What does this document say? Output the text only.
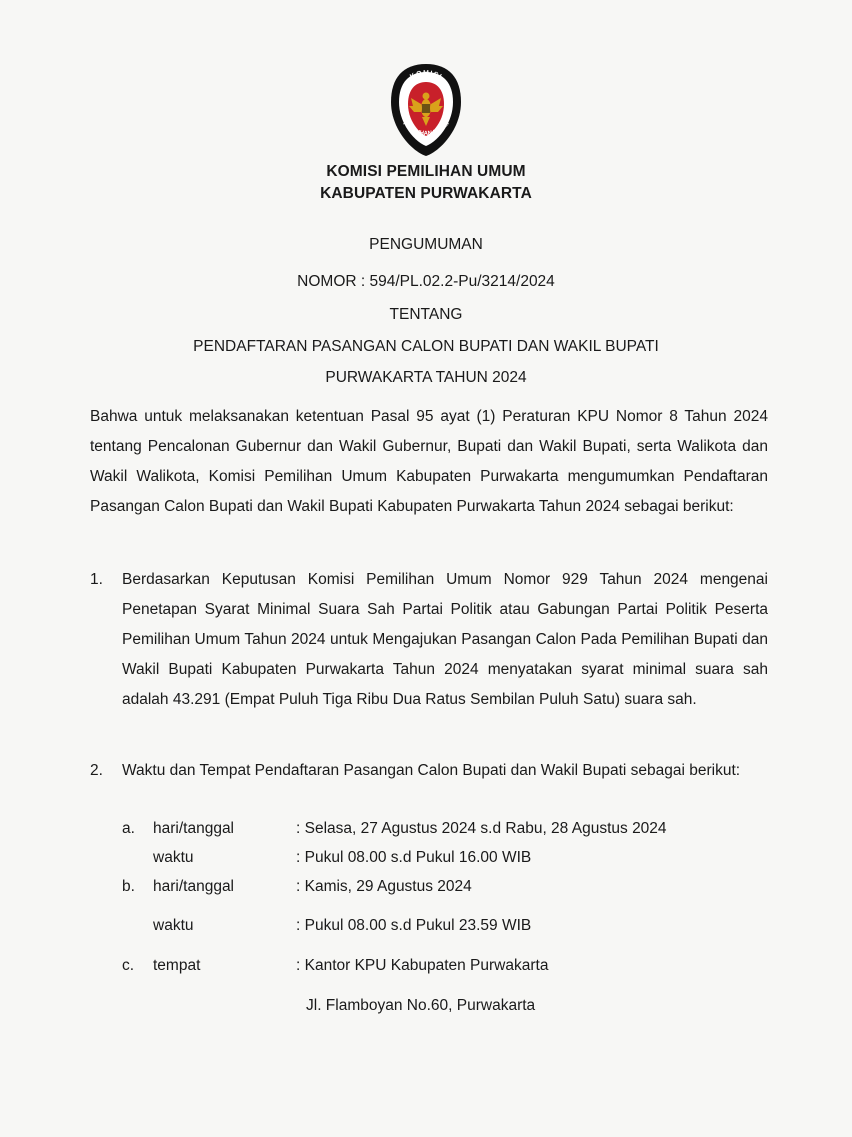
KOMISI
PEMILIHAN UMUM
KOMISI PEMILIHAN UMUM
KABUPATEN PURWAKARTA
PENGUMUMAN
NOMOR : 594/PL.02.2-Pu/3214/2024
TENTANG
PENDAFTARAN PASANGAN CALON BUPATI DAN WAKIL BUPATI
PURWAKARTA TAHUN 2024
Bahwa untuk melaksanakan ketentuan Pasal 95 ayat (1) Peraturan KPU Nomor 8 Tahun 2024 tentang Pencalonan Gubernur dan Wakil Gubernur, Bupati dan Wakil Bupati, serta Walikota dan Wakil Walikota, Komisi Pemilihan Umum Kabupaten Purwakarta mengumumkan Pendaftaran Pasangan Calon Bupati dan Wakil Bupati Kabupaten Purwakarta Tahun 2024 sebagai berikut:
1.	Berdasarkan Keputusan Komisi Pemilihan Umum Nomor 929 Tahun 2024 mengenai Penetapan Syarat Minimal Suara Sah Partai Politik atau Gabungan Partai Politik Peserta Pemilihan Umum Tahun 2024 untuk Mengajukan Pasangan Calon Pada Pemilihan Bupati dan Wakil Bupati Kabupaten Purwakarta Tahun 2024 menyatakan syarat minimal suara sah adalah 43.291 (Empat Puluh Tiga Ribu Dua Ratus Sembilan Puluh Satu) suara sah.
2.	Waktu dan Tempat Pendaftaran Pasangan Calon Bupati dan Wakil Bupati sebagai berikut:
a. hari/tanggal	: Selasa, 27 Agustus 2024 s.d Rabu, 28 Agustus 2024
waktu	: Pukul 08.00 s.d Pukul 16.00 WIB
b. hari/tanggal	: Kamis, 29 Agustus 2024
waktu	: Pukul 08.00 s.d Pukul 23.59 WIB
c. tempat	: Kantor KPU Kabupaten Purwakarta
Jl. Flamboyan No.60, Purwakarta
